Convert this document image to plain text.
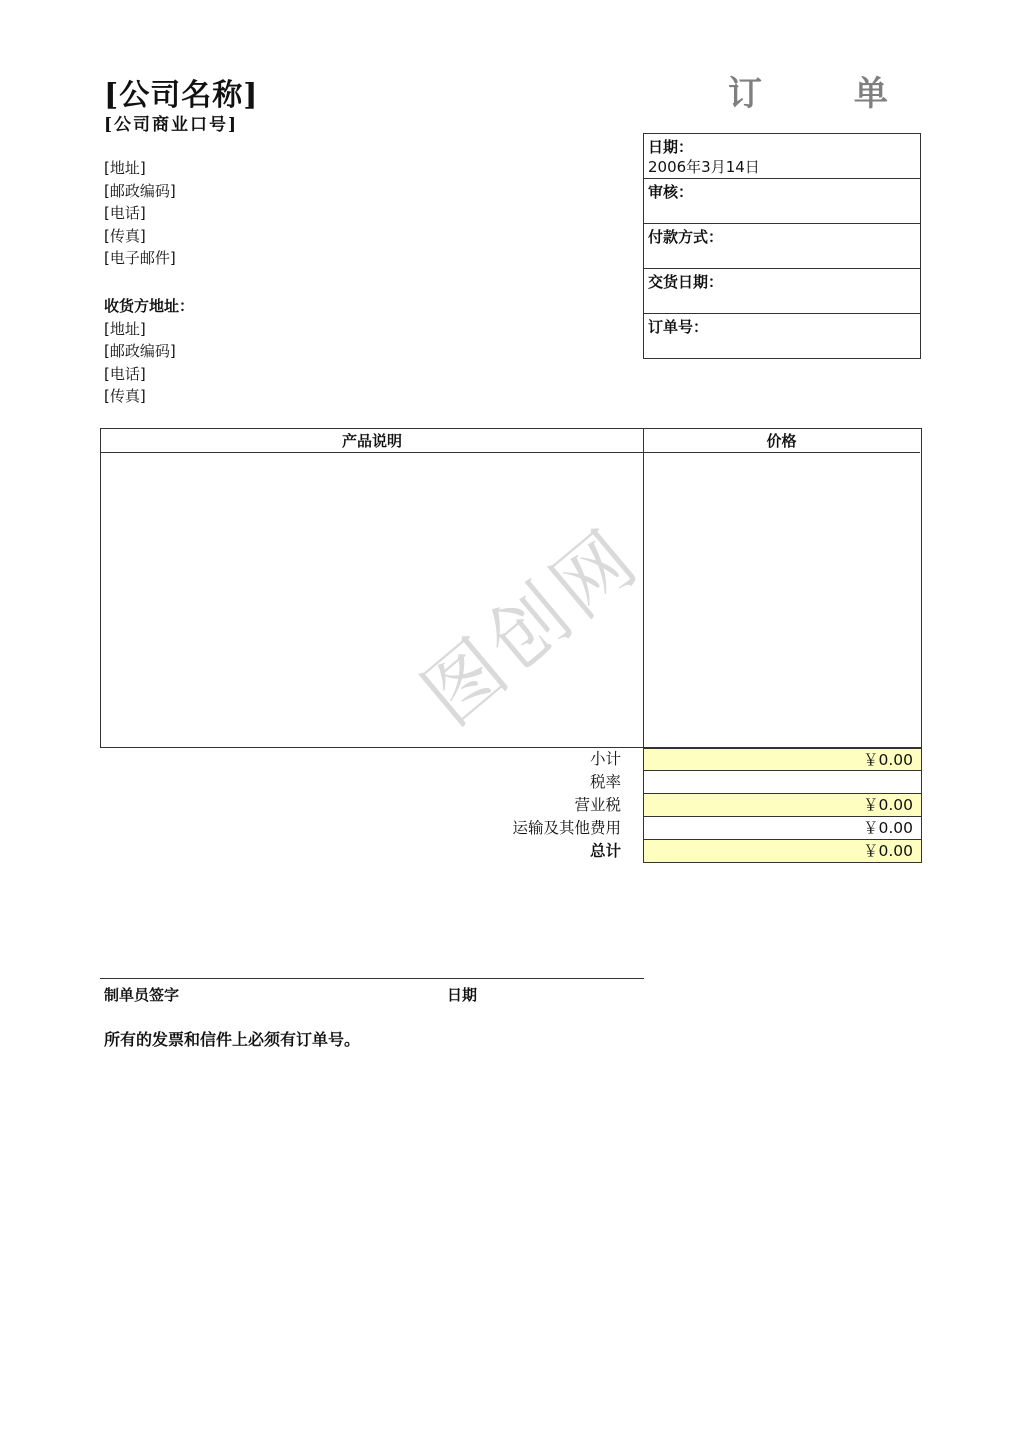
[公司名称]
[公司商业口号]
订 单
[地址]
[邮政编码]
[电话]
[传真]
[电子邮件]
收货方地址：
[地址]
[邮政编码]
[电话]
[传真]
日期：
2006年3月14日
审核：
付款方式：
交货日期：
订单号：
产品说明	价格
图创网
小计
税率
营业税
运输及其他费用
总计
￥0.00
￥0.00
￥0.00
￥0.00
制单员签字	日期
所有的发票和信件上必须有订单号。
